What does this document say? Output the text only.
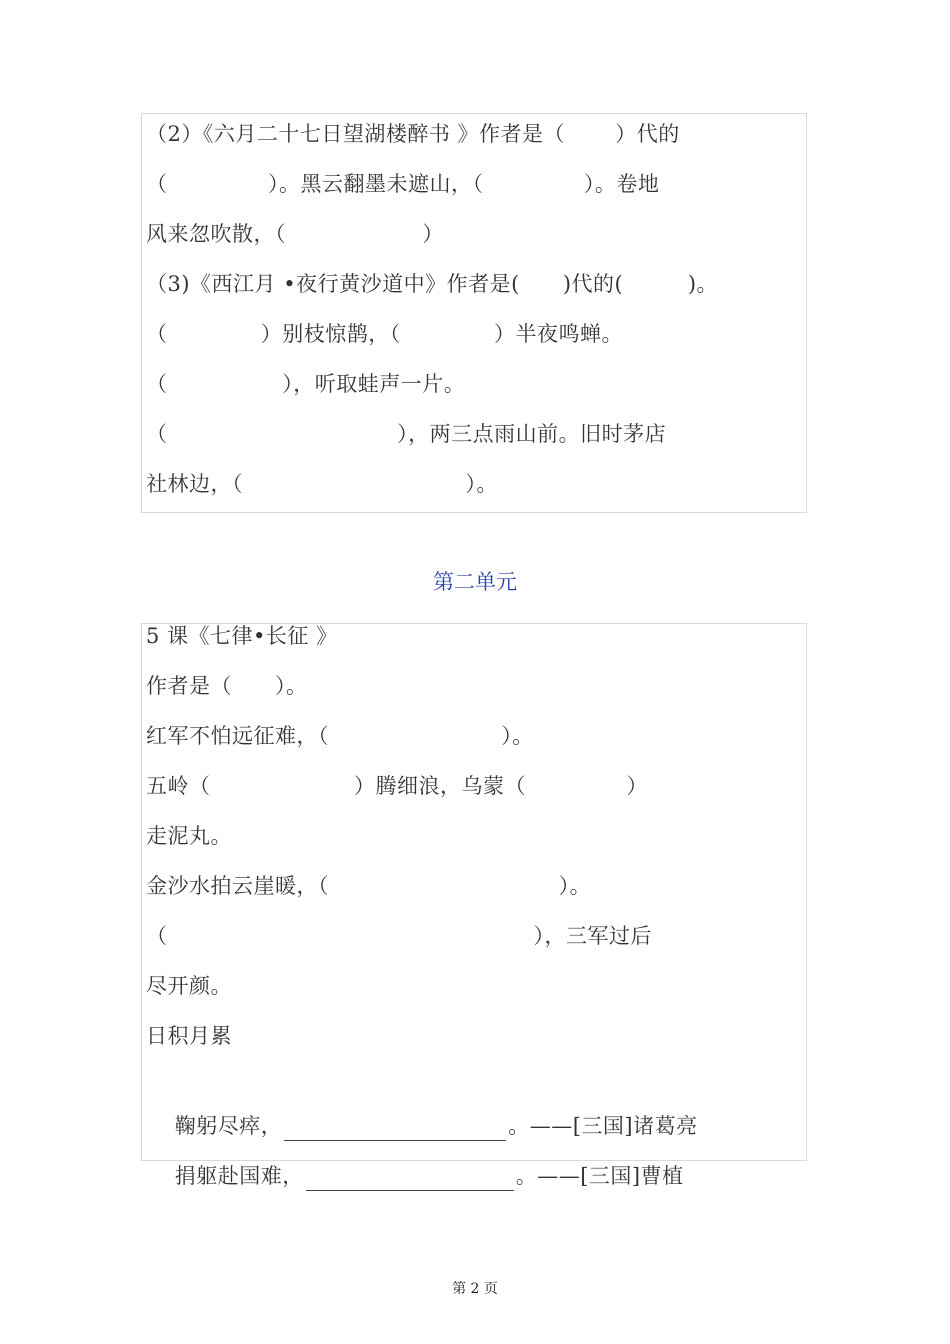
（2）《六月二十七日望湖楼醉书 》作者是（       ）代的
（              ）。黑云翻墨未遮山，（              ）。卷地
风来忽吹散，（                   ）
（3)《西江月 •夜行黄沙道中》作者是(      )代的(         )。
（             ）别枝惊鹊，（             ）半夜鸣蝉。
（                ），听取蛙声一片。
（                                ），两三点雨山前。旧时茅店
社林边，（                               ）。
第二单元
5 课《七律•长征 》
作者是（      ）。
红军不怕远征难，（                        ）。
五岭（                    ）腾细浪，乌蒙（              ）
走泥丸。
金沙水拍云崖暖，（                                ）。
（                                                   ），三军过后
尽开颜。
日积月累

鞠躬尽瘁，	。——[三国]诸葛亮

捐躯赴国难，	。——[三国]曹植

第 2 页
